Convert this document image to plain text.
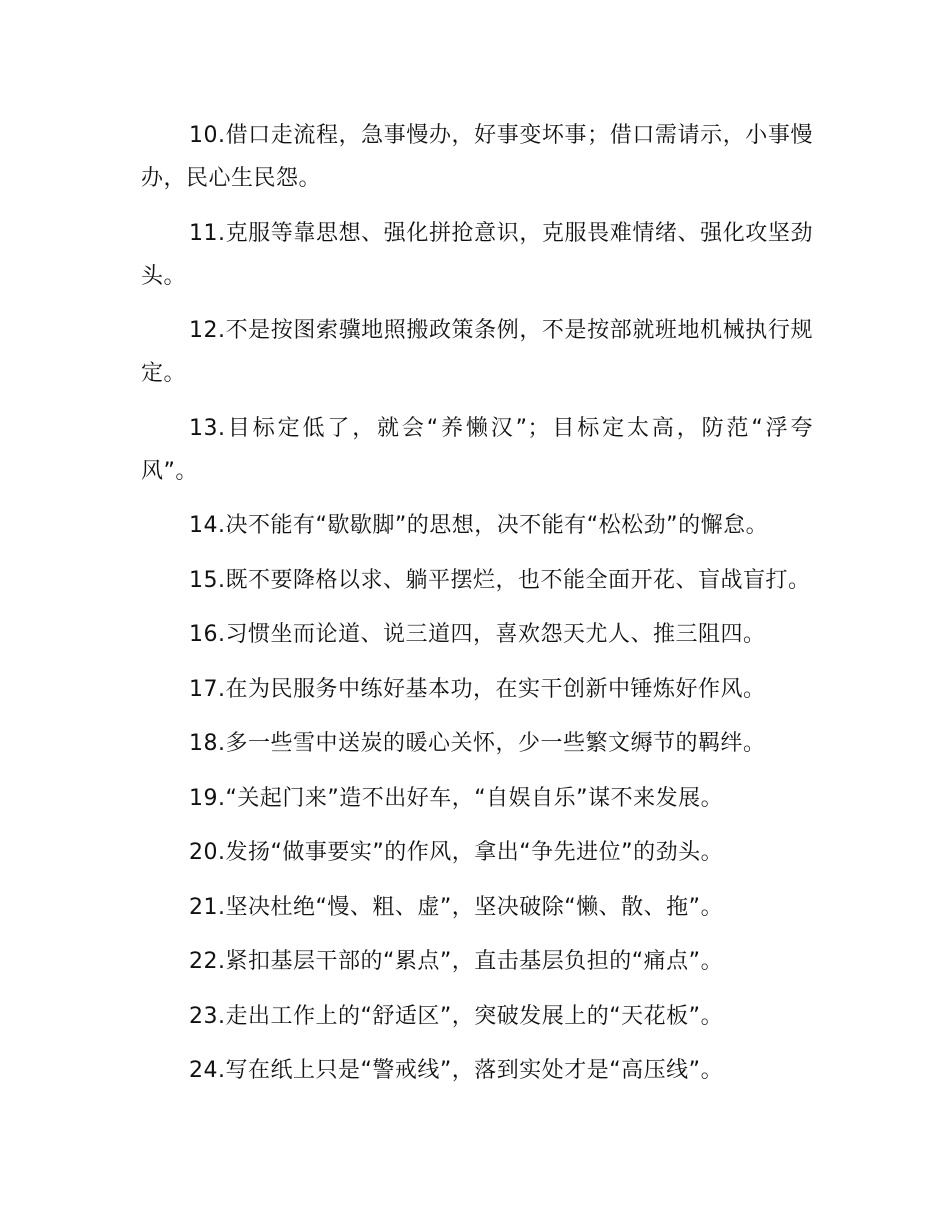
10.借口走流程，急事慢办，好事变坏事；借口需请示，小事慢办，民心生民怨。

11.克服等靠思想、强化拼抢意识，克服畏难情绪、强化攻坚劲头。

12.不是按图索骥地照搬政策条例，不是按部就班地机械执行规定。

13.目标定低了，就会“养懒汉”；目标定太高，防范“浮夸风”。

14.决不能有“歇歇脚”的思想，决不能有“松松劲”的懈怠。

15.既不要降格以求、躺平摆烂，也不能全面开花、盲战盲打。

16.习惯坐而论道、说三道四，喜欢怨天尤人、推三阻四。

17.在为民服务中练好基本功，在实干创新中锤炼好作风。

18.多一些雪中送炭的暖心关怀，少一些繁文缛节的羁绊。

19.“关起门来”造不出好车，“自娱自乐”谋不来发展。

20.发扬“做事要实”的作风，拿出“争先进位”的劲头。

21.坚决杜绝“慢、粗、虚”，坚决破除“懒、散、拖”。

22.紧扣基层干部的“累点”，直击基层负担的“痛点”。

23.走出工作上的“舒适区”，突破发展上的“天花板”。

24.写在纸上只是“警戒线”，落到实处才是“高压线”。
